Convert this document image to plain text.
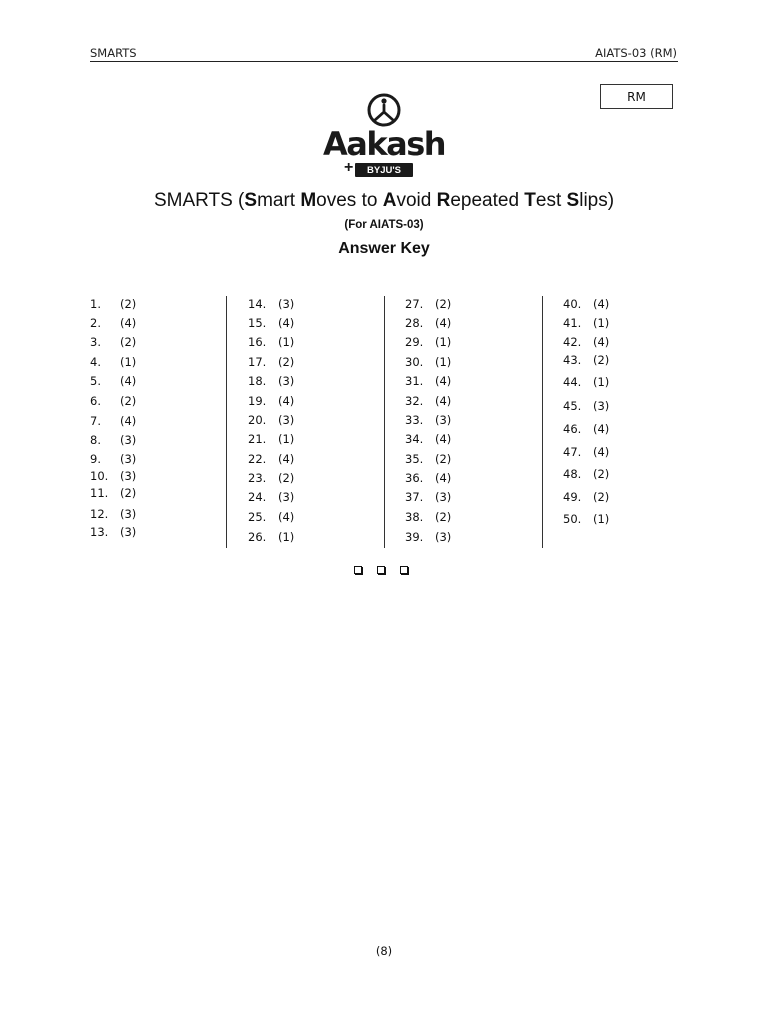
SMARTS	AIATS-03 (RM)
RM
Aakash
+	BYJU'S
SMARTS (Smart Moves to Avoid Repeated Test Slips)
(For AIATS-03)
Answer Key
1. (2)
2. (4)
3. (2)
4. (1)
5. (4)
6. (2)
7. (4)
8. (3)
9. (3)
10. (3)
11. (2)
12. (3)
13. (3)
14. (3)
15. (4)
16. (1)
17. (2)
18. (3)
19. (4)
20. (3)
21. (1)
22. (4)
23. (2)
24. (3)
25. (4)
26. (1)
27. (2)
28. (4)
29. (1)
30. (1)
31. (4)
32. (4)
33. (3)
34. (4)
35. (2)
36. (4)
37. (3)
38. (2)
39. (3)
40. (4)
41. (1)
42. (4)
43. (2)
44. (1)
45. (3)
46. (4)
47. (4)
48. (2)
49. (2)
50. (1)
(8)
